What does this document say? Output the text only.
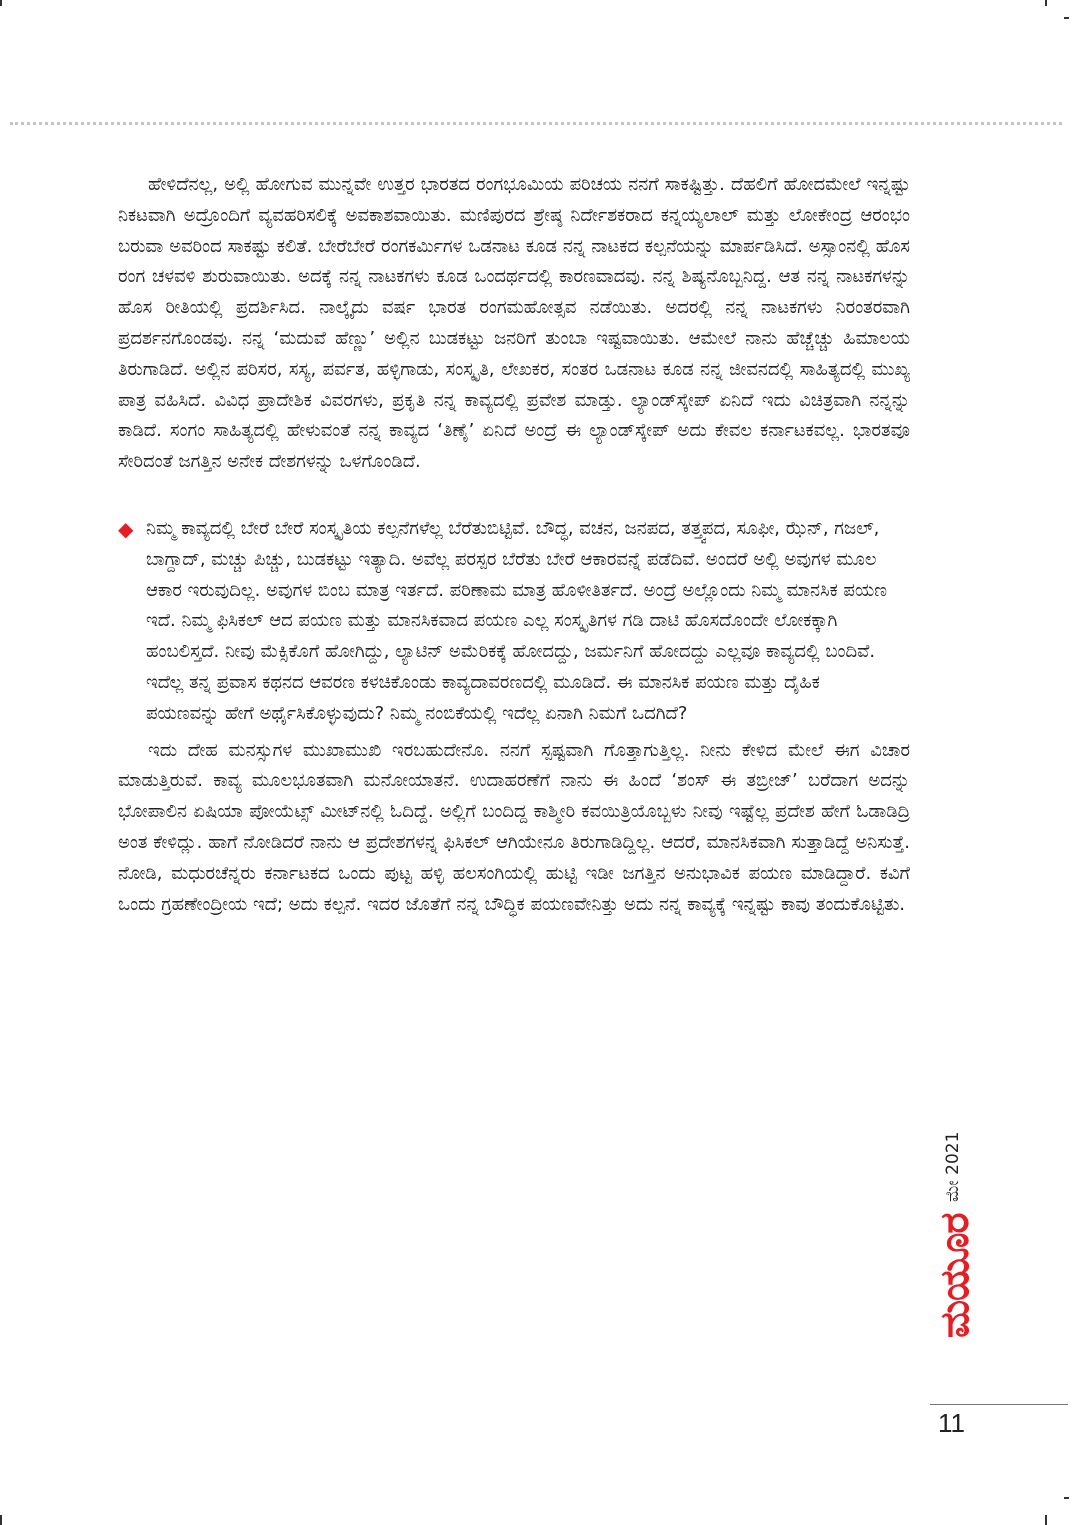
ಹೇಳಿದೆನಲ್ಲ, ಅಲ್ಲಿ ಹೋಗುವ ಮುನ್ನವೇ ಉತ್ತರ ಭಾರತದ ರಂಗಭೂಮಿಯ ಪರಿಚಯ ನನಗೆ ಸಾಕಷ್ಟಿತ್ತು. ದೆಹಲಿಗೆ ಹೋದಮೇಲೆ ಇನ್ನಷ್ಟು ನಿಕಟವಾಗಿ ಅದ್ರೊಂದಿಗೆ ವ್ಯವಹರಿಸಲಿಕ್ಕೆ ಅವಕಾಶವಾಯಿತು. ಮಣಿಪುರದ ಶ್ರೇಷ್ಠ ನಿರ್ದೇಶಕರಾದ ಕನ್ನಯ್ಯಲಾಲ್ ಮತ್ತು ಲೋಕೇಂದ್ರ ಆರಂಭಂ ಬರುವಾ ಅವರಿಂದ ಸಾಕಷ್ಟು ಕಲಿತೆ. ಬೇರೆಬೇರೆ ರಂಗಕರ್ಮಿಗಳ ಒಡನಾಟ ಕೂಡ ನನ್ನ ನಾಟಕದ ಕಲ್ಪನೆಯನ್ನು ಮಾರ್ಪಡಿಸಿದೆ. ಅಸ್ಸಾಂನಲ್ಲಿ ಹೊಸ ರಂಗ ಚಳವಳಿ ಶುರುವಾಯಿತು. ಅದಕ್ಕೆ ನನ್ನ ನಾಟಕಗಳು ಕೂಡ ಒಂದರ್ಥದಲ್ಲಿ ಕಾರಣವಾದವು. ನನ್ನ ಶಿಷ್ಯನೊಬ್ಬನಿದ್ದ. ಆತ ನನ್ನ ನಾಟಕಗಳನ್ನು ಹೊಸ ರೀತಿಯಲ್ಲಿ ಪ್ರದರ್ಶಿಸಿದ. ನಾಲ್ಕೈದು ವರ್ಷ ಭಾರತ ರಂಗಮಹೋತ್ಸವ ನಡೆಯಿತು. ಅದರಲ್ಲಿ ನನ್ನ ನಾಟಕಗಳು ನಿರಂತರವಾಗಿ ಪ್ರದರ್ಶನಗೊಂಡವು. ನನ್ನ ‘ಮದುವೆ ಹೆಣ್ಣು’ ಅಲ್ಲಿನ ಬುಡಕಟ್ಟು ಜನರಿಗೆ ತುಂಬಾ ಇಷ್ಟವಾಯಿತು. ಆಮೇಲೆ ನಾನು ಹೆಚ್ಚೆಚ್ಚು ಹಿಮಾಲಯ ತಿರುಗಾಡಿದೆ. ಅಲ್ಲಿನ ಪರಿಸರ, ಸಸ್ಯ, ಪರ್ವತ, ಹಳ್ಳಿಗಾಡು, ಸಂಸ್ಕೃತಿ, ಲೇಖಕರ, ಸಂತರ ಒಡನಾಟ ಕೂಡ ನನ್ನ ಜೀವನದಲ್ಲಿ ಸಾಹಿತ್ಯದಲ್ಲಿ ಮುಖ್ಯ ಪಾತ್ರ ವಹಿಸಿದೆ. ವಿವಿಧ ಪ್ರಾದೇಶಿಕ ವಿವರಗಳು, ಪ್ರಕೃತಿ ನನ್ನ ಕಾವ್ಯದಲ್ಲಿ ಪ್ರವೇಶ ಮಾಡ್ತು. ಲ್ಯಾಂಡ್‌ಸ್ಕೇಪ್ ಏನಿದೆ ಇದು ವಿಚಿತ್ರವಾಗಿ ನನ್ನನ್ನು ಕಾಡಿದೆ. ಸಂಗಂ ಸಾಹಿತ್ಯದಲ್ಲಿ ಹೇಳುವಂತೆ ನನ್ನ ಕಾವ್ಯದ ‘ತಿಣೈ’ ಏನಿದೆ ಅಂದ್ರೆ ಈ ಲ್ಯಾಂಡ್‌ಸ್ಕೇಪ್ ಅದು ಕೇವಲ ಕರ್ನಾಟಕವಲ್ಲ. ಭಾರತವೂ ಸೇರಿದಂತೆ ಜಗತ್ತಿನ ಅನೇಕ ದೇಶಗಳನ್ನು ಒಳಗೊಂಡಿದೆ.

◆ ನಿಮ್ಮ ಕಾವ್ಯದಲ್ಲಿ ಬೇರೆ ಬೇರೆ ಸಂಸ್ಕೃತಿಯ ಕಲ್ಪನೆಗಳೆಲ್ಲ ಬೆರೆತುಬಿಟ್ಟಿವೆ. ಬೌದ್ಧ, ವಚನ, ಜನಪದ, ತತ್ತ್ವಪದ, ಸೂಫೀ, ಝೆನ್, ಗಜಲ್, ಬಾಗ್ದಾದ್, ಮಚ್ಚು ಪಿಚ್ಚು, ಬುಡಕಟ್ಟು ಇತ್ಯಾದಿ. ಅವೆಲ್ಲ ಪರಸ್ಪರ ಬೆರೆತು ಬೇರೆ ಆಕಾರವನ್ನೆ ಪಡೆದಿವೆ. ಅಂದರೆ ಅಲ್ಲಿ ಅವುಗಳ ಮೂಲ ಆಕಾರ ಇರುವುದಿಲ್ಲ. ಅವುಗಳ ಬಿಂಬ ಮಾತ್ರ ಇರ್ತದೆ. ಪರಿಣಾಮ ಮಾತ್ರ ಹೊಳೀತಿರ್ತದೆ. ಅಂದ್ರೆ ಅಲ್ಲೊಂದು ನಿಮ್ಮ ಮಾನಸಿಕ ಪಯಣ ಇದೆ. ನಿಮ್ಮ ಫಿಸಿಕಲ್ ಆದ ಪಯಣ ಮತ್ತು ಮಾನಸಿಕವಾದ ಪಯಣ ಎಲ್ಲ ಸಂಸ್ಕೃತಿಗಳ ಗಡಿ ದಾಟಿ ಹೊಸದೊಂದೇ ಲೋಕಕ್ಕಾಗಿ ಹಂಬಲಿಸ್ತದೆ. ನೀವು ಮೆಕ್ಸಿಕೊಗೆ ಹೋಗಿದ್ದು, ಲ್ಯಾಟಿನ್ ಅಮೆರಿಕಕ್ಕೆ ಹೋದದ್ದು, ಜರ್ಮನಿಗೆ ಹೋದದ್ದು ಎಲ್ಲವೂ ಕಾವ್ಯದಲ್ಲಿ ಬಂದಿವೆ. ಇದೆಲ್ಲ ತನ್ನ ಪ್ರವಾಸ ಕಥನದ ಆವರಣ ಕಳಚಿಕೊಂಡು ಕಾವ್ಯದಾವರಣದಲ್ಲಿ ಮೂಡಿದೆ. ಈ ಮಾನಸಿಕ ಪಯಣ ಮತ್ತು ದೈಹಿಕ ಪಯಣವನ್ನು ಹೇಗೆ ಅರ್ಥೈಸಿಕೊಳ್ಳುವುದು? ನಿಮ್ಮ ನಂಬಿಕೆಯಲ್ಲಿ ಇದೆಲ್ಲ ಏನಾಗಿ ನಿಮಗೆ ಒದಗಿದೆ?

ಇದು ದೇಹ ಮನಸ್ಸುಗಳ ಮುಖಾಮುಖಿ ಇರಬಹುದೇನೊ. ನನಗೆ ಸ್ಪಷ್ಟವಾಗಿ ಗೊತ್ತಾಗುತ್ತಿಲ್ಲ. ನೀನು ಕೇಳಿದ ಮೇಲೆ ಈಗ ವಿಚಾರ ಮಾಡುತ್ತಿರುವೆ. ಕಾವ್ಯ ಮೂಲಭೂತವಾಗಿ ಮನೋಯಾತನೆ. ಉದಾಹರಣೆಗೆ ನಾನು ಈ ಹಿಂದೆ ‘ಶಂಸ್ ಈ ತಬ್ರೀಜ್’ ಬರೆದಾಗ ಅದನ್ನು ಭೋಪಾಲಿನ ಏಷಿಯಾ ಪೋಯೆಟ್ಸ್ ಮೀಟ್‌ನಲ್ಲಿ ಓದಿದ್ದೆ. ಅಲ್ಲಿಗೆ ಬಂದಿದ್ದ ಕಾಶ್ಮೀರಿ ಕವಯಿತ್ರಿಯೊಬ್ಬಳು ನೀವು ಇಷ್ಟೆಲ್ಲ ಪ್ರದೇಶ ಹೇಗೆ ಓಡಾಡಿದ್ರಿ ಅಂತ ಕೇಳಿದ್ಲು. ಹಾಗೆ ನೋಡಿದರೆ ನಾನು ಆ ಪ್ರದೇಶಗಳನ್ನ ಫಿಸಿಕಲ್ ಆಗಿಯೇನೂ ತಿರುಗಾಡಿದ್ದಿಲ್ಲ. ಆದರೆ, ಮಾನಸಿಕವಾಗಿ ಸುತ್ತಾಡಿದ್ದೆ ಅನಿಸುತ್ತೆ. ನೋಡಿ, ಮಧುರಚೆನ್ನರು ಕರ್ನಾಟಕದ ಒಂದು ಪುಟ್ಟ ಹಳ್ಳಿ ಹಲಸಂಗಿಯಲ್ಲಿ ಹುಟ್ಟಿ ಇಡೀ ಜಗತ್ತಿನ ಅನುಭಾವಿಕ ಪಯಣ ಮಾಡಿದ್ದಾರೆ. ಕವಿಗೆ ಒಂದು ಗ್ರಹಣೇಂದ್ರೀಯ ಇದೆ; ಅದು ಕಲ್ಪನೆ. ಇದರ ಜೊತೆಗೆ ನನ್ನ ಬೌದ್ಧಿಕ ಪಯಣವೇನಿತ್ತು ಅದು ನನ್ನ ಕಾವ್ಯಕ್ಕೆ ಇನ್ನಷ್ಟು ಕಾವು ತಂದುಕೊಟ್ಟಿತು.

ಮೇ 2021
ಮಯೂರ
11
